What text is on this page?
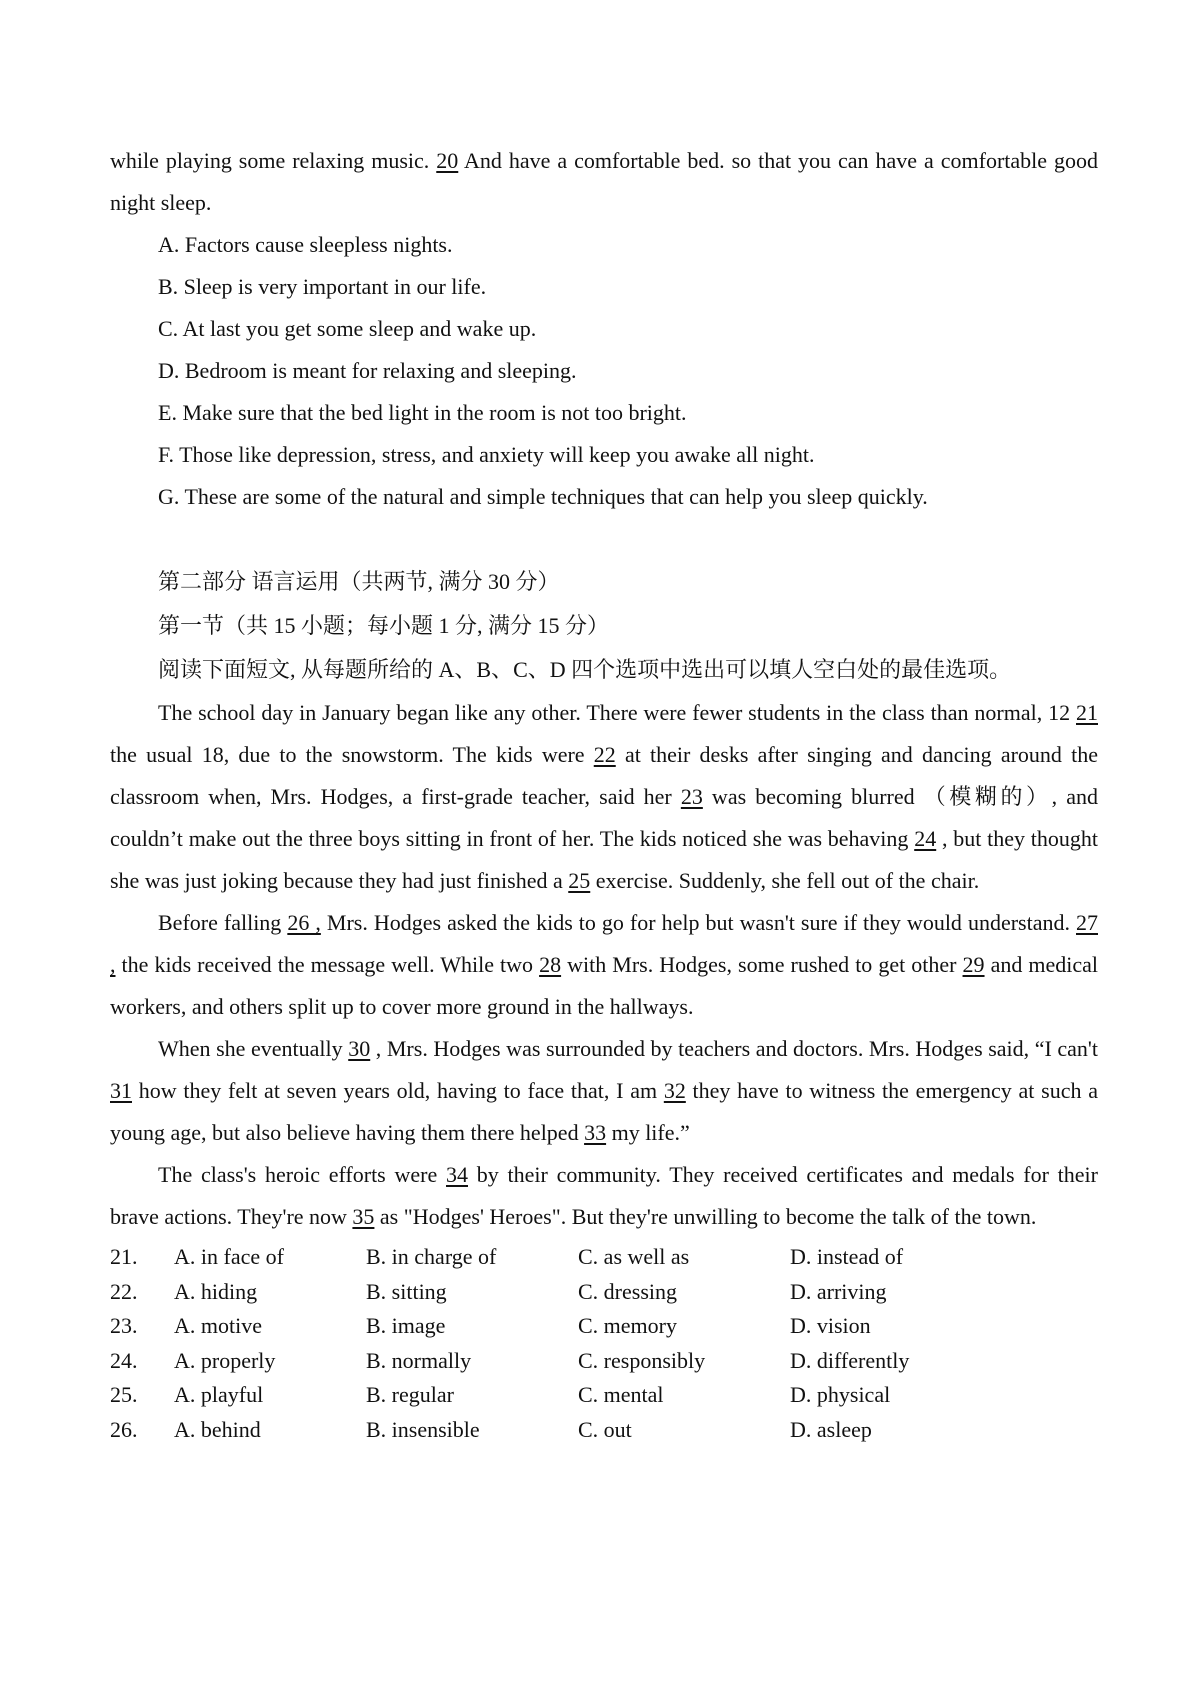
while playing some relaxing music. 20 And have a comfortable bed. so that you can have a comfortable good night sleep.

A. Factors cause sleepless nights.

B. Sleep is very important in our life.

C. At last you get some sleep and wake up.

D. Bedroom is meant for relaxing and sleeping.

E. Make sure that the bed light in the room is not too bright.

F. Those like depression, stress, and anxiety will keep you awake all night.

G. These are some of the natural and simple techniques that can help you sleep quickly.

第二部分 语言运用（共两节, 满分 30 分）

第一节（共 15 小题；每小题 1 分, 满分 15 分）

阅读下面短文, 从每题所给的 A、B、C、D 四个选项中选出可以填人空白处的最佳选项。

The school day in January began like any other. There were fewer students in the class than normal, 12 21 the usual 18, due to the snowstorm. The kids were 22 at their desks after singing and dancing around the classroom when, Mrs. Hodges, a first-grade teacher, said her 23 was becoming blurred （模糊的）, and couldn’t make out the three boys sitting in front of her. The kids noticed she was behaving 24 , but they thought she was just joking because they had just finished a 25 exercise. Suddenly, she fell out of the chair.

Before falling 26 , Mrs. Hodges asked the kids to go for help but wasn't sure if they would understand. 27 , the kids received the message well. While two 28 with Mrs. Hodges, some rushed to get other 29 and medical workers, and others split up to cover more ground in the hallways.

When she eventually 30 , Mrs. Hodges was surrounded by teachers and doctors. Mrs. Hodges said, “I can't 31 how they felt at seven years old, having to face that, I am 32 they have to witness the emergency at such a young age, but also believe having them there helped 33 my life.”

The class's heroic efforts were 34 by their community. They received certificates and medals for their brave actions. They're now 35 as "Hodges' Heroes". But they're unwilling to become the talk of the town.

21.	A. in face of	B. in charge of	C. as well as	D. instead of
22.	A. hiding	B. sitting	C. dressing	D. arriving
23.	A. motive	B. image	C. memory	D. vision
24.	A. properly	B. normally	C. responsibly	D. differently
25.	A. playful	B. regular	C. mental	D. physical
26.	A. behind	B. insensible	C. out	D. asleep
